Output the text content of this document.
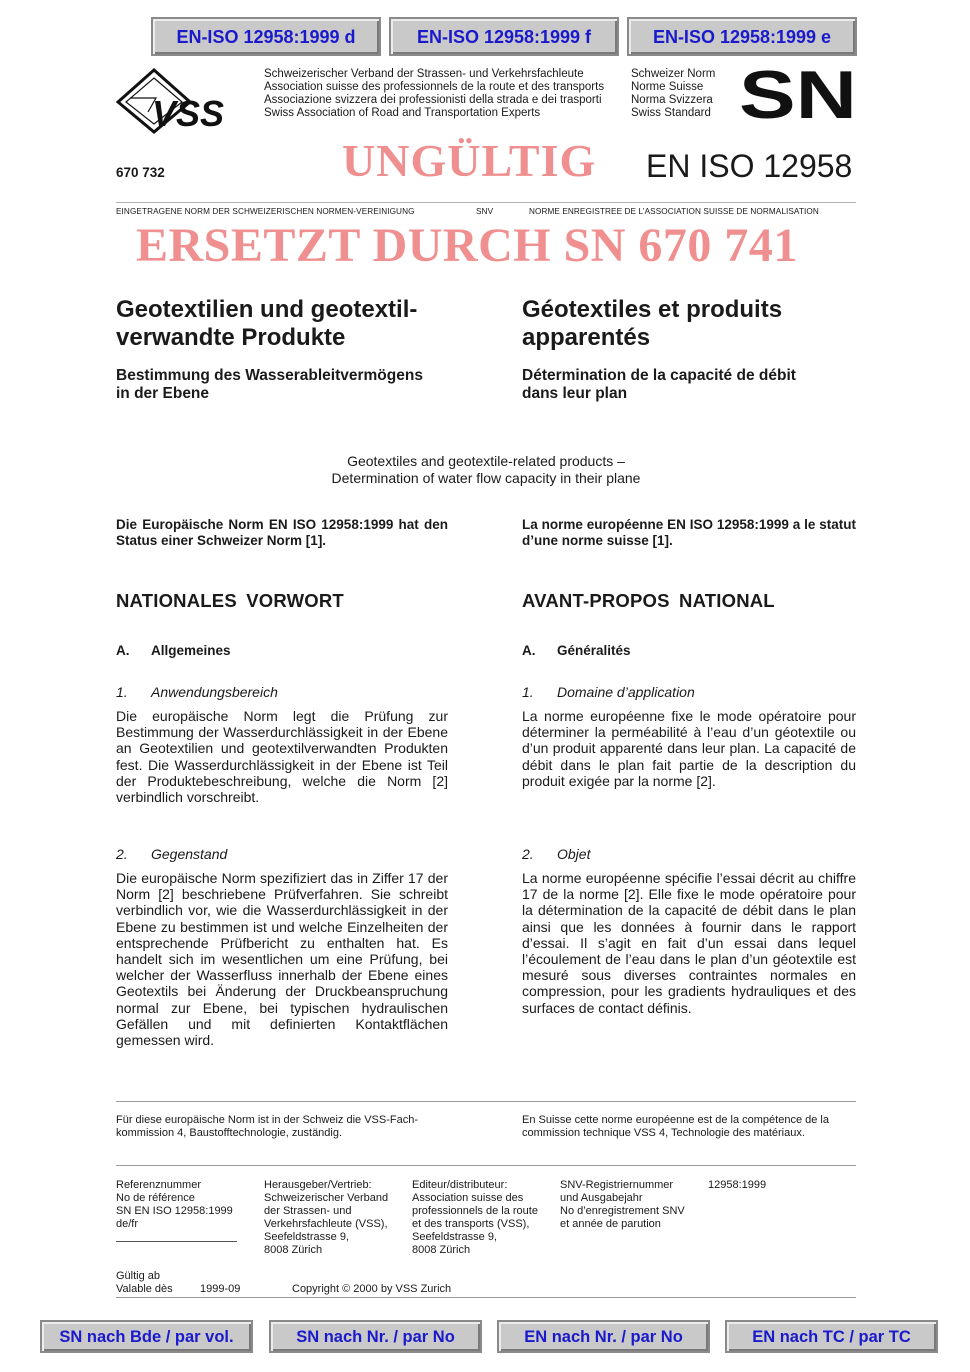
EN-ISO 12958:1999 d	EN-ISO 12958:1999 f	EN-ISO 12958:1999 e
VSS
Schweizerischer Verband der Strassen- und Verkehrsfachleute
Association suisse des professionnels de la route et des transports
Associazione svizzera dei professionisti della strada e dei trasporti
Swiss Association of Road and Transportation Experts
Schweizer Norm
Norme Suisse
Norma Svizzera
Swiss Standard SN
670 732	UNGÜLTIG EN ISO 12958
EINGETRAGENE NORM DER SCHWEIZERISCHEN NORMEN-VEREINIGUNG	SNV	NORME ENREGISTREE DE L’ASSOCIATION SUISSE DE NORMALISATION
ERSETZT DURCH SN 670 741
Geotextilien und geotextil-
verwandte Produkte
Géotextiles et produits
apparentés
Bestimmung des Wasserableitvermögens
in der Ebene
Détermination de la capacité de débit
dans leur plan
Geotextiles and geotextile-related products –
Determination of water flow capacity in their plane
Die Europäische Norm EN ISO 12958:1999 hat den Status einer Schweizer Norm [1].
La norme européenne EN ISO 12958:1999 a le statut d’une norme suisse [1].
NATIONALES VORWORT	AVANT-PROPOS NATIONAL
A. Allgemeines	A. Généralités
1. Anwendungsbereich	1. Domaine d’application
Die europäische Norm legt die Prüfung zur Bestimmung der Wasserdurchlässigkeit in der Ebene an Geotextilien und geotextilverwandten Produkten fest. Die Wasserdurchlässigkeit in der Ebene ist Teil der Produktebeschreibung, welche die Norm [2] verbindlich vorschreibt.
La norme européenne fixe le mode opératoire pour déterminer la perméabilité à l’eau d’un géotextile ou d’un produit apparenté dans leur plan. La capacité de débit dans le plan fait partie de la description du produit exigée par la norme [2].
2. Gegenstand	2. Objet
Die europäische Norm spezifiziert das in Ziffer 17 der Norm [2] beschriebene Prüfverfahren. Sie schreibt verbindlich vor, wie die Wasserdurchlässigkeit in der Ebene zu bestimmen ist und welche Einzelheiten der entsprechende Prüfbericht zu enthalten hat. Es handelt sich im wesentlichen um eine Prüfung, bei welcher der Wasserfluss innerhalb der Ebene eines Geotextils bei Änderung der Druckbeanspruchung normal zur Ebene, bei typischen hydraulischen Gefällen und mit definierten Kontaktflächen gemessen wird.
La norme européenne spécifie l’essai décrit au chiffre 17 de la norme [2]. Elle fixe le mode opératoire pour la détermination de la capacité de débit dans le plan ainsi que les données à fournir dans le rapport d’essai. Il s’agit en fait d’un essai dans lequel l’écoulement de l’eau dans le plan d’un géotextile est mesuré sous diverses contraintes normales en compression, pour les gradients hydrauliques et des surfaces de contact définis.
Für diese europäische Norm ist in der Schweiz die VSS-Fach-
kommission 4, Baustofftechnologie, zuständig.
En Suisse cette norme européenne est de la compétence de la
commission technique VSS 4, Technologie des matériaux.
Referenznummer
No de référence
SN EN ISO 12958:1999
de/fr
Herausgeber/Vertrieb:
Schweizerischer Verband
der Strassen- und
Verkehrsfachleute (VSS),
Seefeldstrasse 9,
8008 Zürich
Editeur/distributeur:
Association suisse des
professionnels de la route
et des transports (VSS),
Seefeldstrasse 9,
8008 Zürich
SNV-Registriernummer
und Ausgabejahr
No d’enregistrement SNV
et année de parution
12958:1999
Gültig ab
Valable dès	1999-09	Copyright © 2000 by VSS Zurich
SN nach Bde / par vol.	SN nach Nr. / par No	EN nach Nr. / par No	EN nach TC / par TC
